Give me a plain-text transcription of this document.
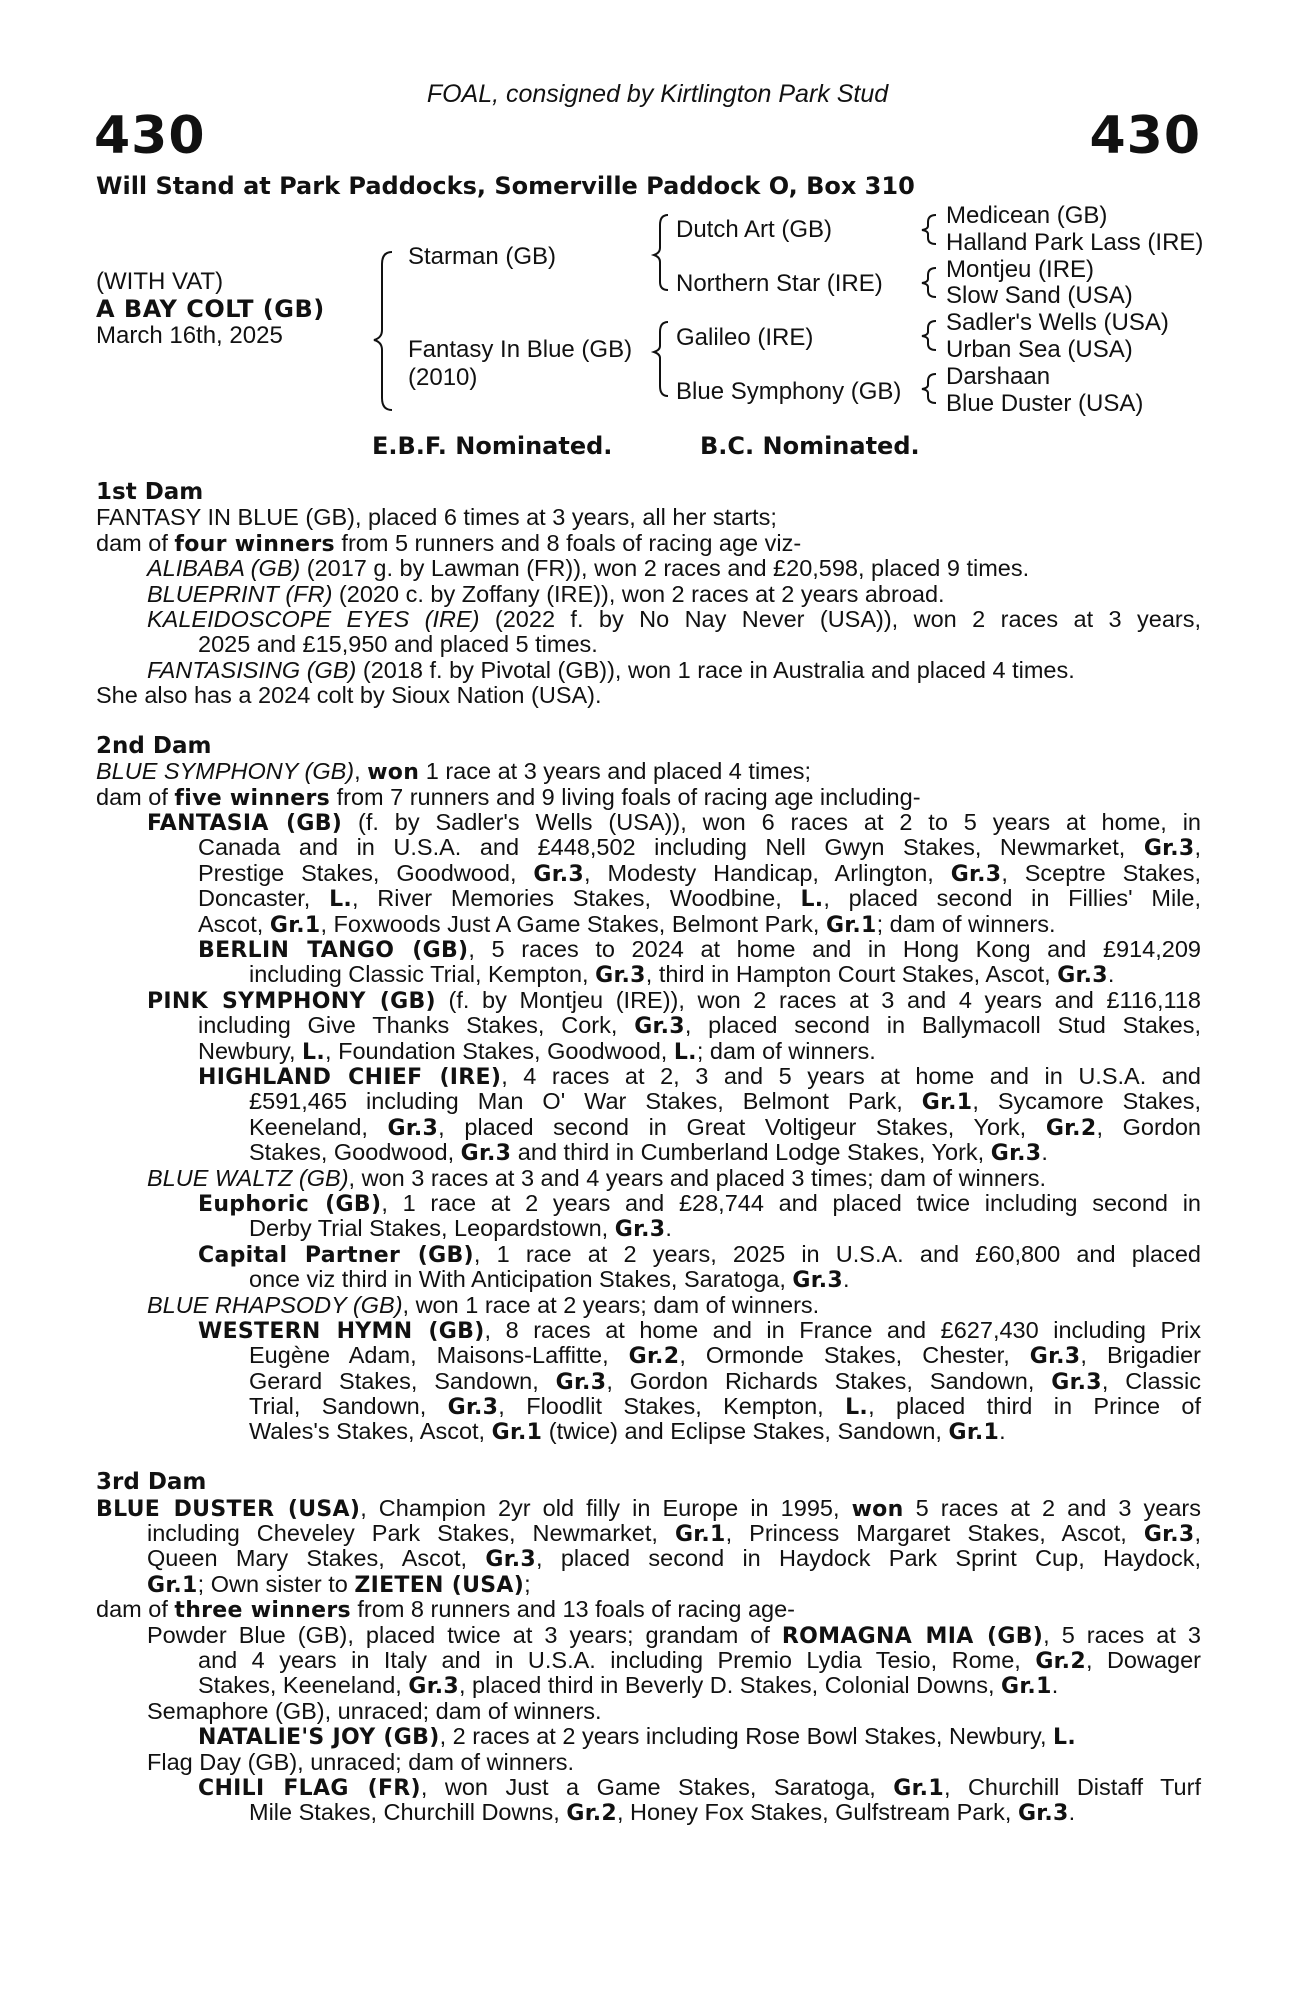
FOAL, consigned by Kirtlington Park Stud
430	430
Will Stand at Park Paddocks, Somerville Paddock O, Box 310
(WITH VAT)
A BAY COLT (GB)
March 16th, 2025
Starman (GB)
Fantasy In Blue (GB)
(2010)
Dutch Art (GB)
Northern Star (IRE)
Galileo (IRE)
Blue Symphony (GB)
Medicean (GB)
Halland Park Lass (IRE)
Montjeu (IRE)
Slow Sand (USA)
Sadler's Wells (USA)
Urban Sea (USA)
Darshaan
Blue Duster (USA)
E.B.F. Nominated.	B.C. Nominated.
1st Dam
FANTASY IN BLUE (GB), placed 6 times at 3 years, all her starts;
dam of four winners from 5 runners and 8 foals of racing age viz-
ALIBABA (GB) (2017 g. by Lawman (FR)), won 2 races and £20,598, placed 9 times.
BLUEPRINT (FR) (2020 c. by Zoffany (IRE)), won 2 races at 2 years abroad.
KALEIDOSCOPE EYES (IRE) (2022 f. by No Nay Never (USA)), won 2 races at 3 years,
2025 and £15,950 and placed 5 times.
FANTASISING (GB) (2018 f. by Pivotal (GB)), won 1 race in Australia and placed 4 times.
She also has a 2024 colt by Sioux Nation (USA).
2nd Dam
BLUE SYMPHONY (GB), won 1 race at 3 years and placed 4 times;
dam of five winners from 7 runners and 9 living foals of racing age including-
FANTASIA (GB) (f. by Sadler's Wells (USA)), won 6 races at 2 to 5 years at home, in
Canada and in U.S.A. and £448,502 including Nell Gwyn Stakes, Newmarket, Gr.3,
Prestige Stakes, Goodwood, Gr.3, Modesty Handicap, Arlington, Gr.3, Sceptre Stakes,
Doncaster, L., River Memories Stakes, Woodbine, L., placed second in Fillies' Mile,
Ascot, Gr.1, Foxwoods Just A Game Stakes, Belmont Park, Gr.1; dam of winners.
BERLIN TANGO (GB), 5 races to 2024 at home and in Hong Kong and £914,209
including Classic Trial, Kempton, Gr.3, third in Hampton Court Stakes, Ascot, Gr.3.
PINK SYMPHONY (GB) (f. by Montjeu (IRE)), won 2 races at 3 and 4 years and £116,118
including Give Thanks Stakes, Cork, Gr.3, placed second in Ballymacoll Stud Stakes,
Newbury, L., Foundation Stakes, Goodwood, L.; dam of winners.
HIGHLAND CHIEF (IRE), 4 races at 2, 3 and 5 years at home and in U.S.A. and
£591,465 including Man O' War Stakes, Belmont Park, Gr.1, Sycamore Stakes,
Keeneland, Gr.3, placed second in Great Voltigeur Stakes, York, Gr.2, Gordon
Stakes, Goodwood, Gr.3 and third in Cumberland Lodge Stakes, York, Gr.3.
BLUE WALTZ (GB), won 3 races at 3 and 4 years and placed 3 times; dam of winners.
Euphoric (GB), 1 race at 2 years and £28,744 and placed twice including second in
Derby Trial Stakes, Leopardstown, Gr.3.
Capital Partner (GB), 1 race at 2 years, 2025 in U.S.A. and £60,800 and placed
once viz third in With Anticipation Stakes, Saratoga, Gr.3.
BLUE RHAPSODY (GB), won 1 race at 2 years; dam of winners.
WESTERN HYMN (GB), 8 races at home and in France and £627,430 including Prix
Eugène Adam, Maisons-Laffitte, Gr.2, Ormonde Stakes, Chester, Gr.3, Brigadier
Gerard Stakes, Sandown, Gr.3, Gordon Richards Stakes, Sandown, Gr.3, Classic
Trial, Sandown, Gr.3, Floodlit Stakes, Kempton, L., placed third in Prince of
Wales's Stakes, Ascot, Gr.1 (twice) and Eclipse Stakes, Sandown, Gr.1.
3rd Dam
BLUE DUSTER (USA), Champion 2yr old filly in Europe in 1995, won 5 races at 2 and 3 years
including Cheveley Park Stakes, Newmarket, Gr.1, Princess Margaret Stakes, Ascot, Gr.3,
Queen Mary Stakes, Ascot, Gr.3, placed second in Haydock Park Sprint Cup, Haydock,
Gr.1; Own sister to ZIETEN (USA);
dam of three winners from 8 runners and 13 foals of racing age-
Powder Blue (GB), placed twice at 3 years; grandam of ROMAGNA MIA (GB), 5 races at 3
and 4 years in Italy and in U.S.A. including Premio Lydia Tesio, Rome, Gr.2, Dowager
Stakes, Keeneland, Gr.3, placed third in Beverly D. Stakes, Colonial Downs, Gr.1.
Semaphore (GB), unraced; dam of winners.
NATALIE'S JOY (GB), 2 races at 2 years including Rose Bowl Stakes, Newbury, L.
Flag Day (GB), unraced; dam of winners.
CHILI FLAG (FR), won Just a Game Stakes, Saratoga, Gr.1, Churchill Distaff Turf
Mile Stakes, Churchill Downs, Gr.2, Honey Fox Stakes, Gulfstream Park, Gr.3.
